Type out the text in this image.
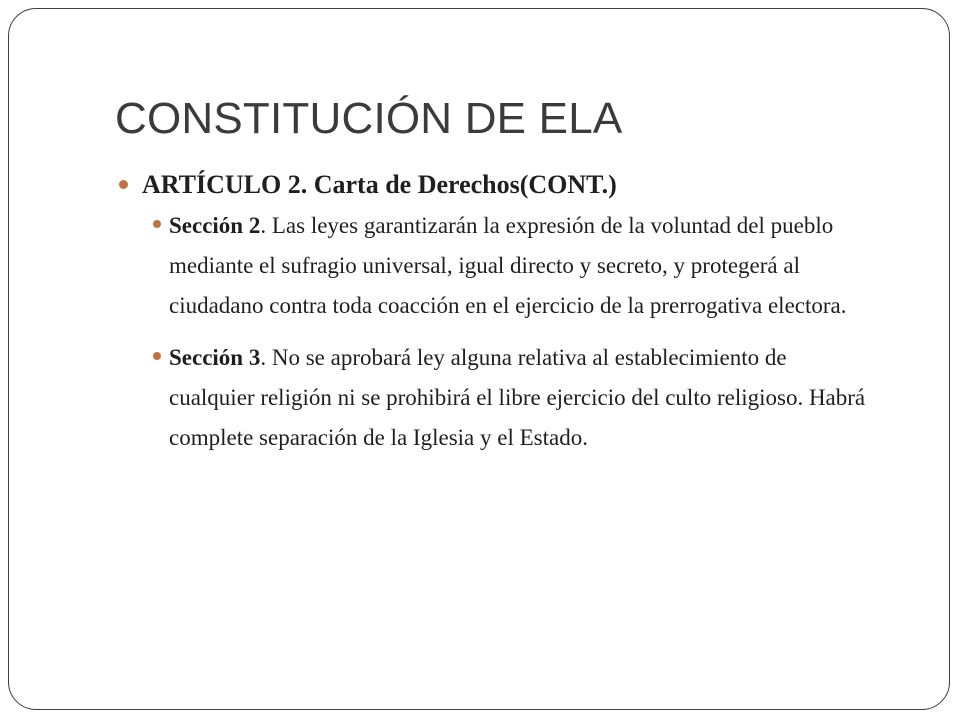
CONSTITUCIÓN DE ELA
ARTÍCULO 2. Carta de Derechos(CONT.)
Sección 2. Las leyes garantizarán la expresión de la voluntad del pueblo mediante el sufragio universal, igual directo y secreto, y protegerá al ciudadano contra toda coacción en el ejercicio de la prerrogativa electora.
Sección 3. No se aprobará ley alguna relativa al establecimiento de cualquier religión ni se prohibirá el libre ejercicio del culto religioso. Habrá complete separación de la Iglesia y el Estado.
